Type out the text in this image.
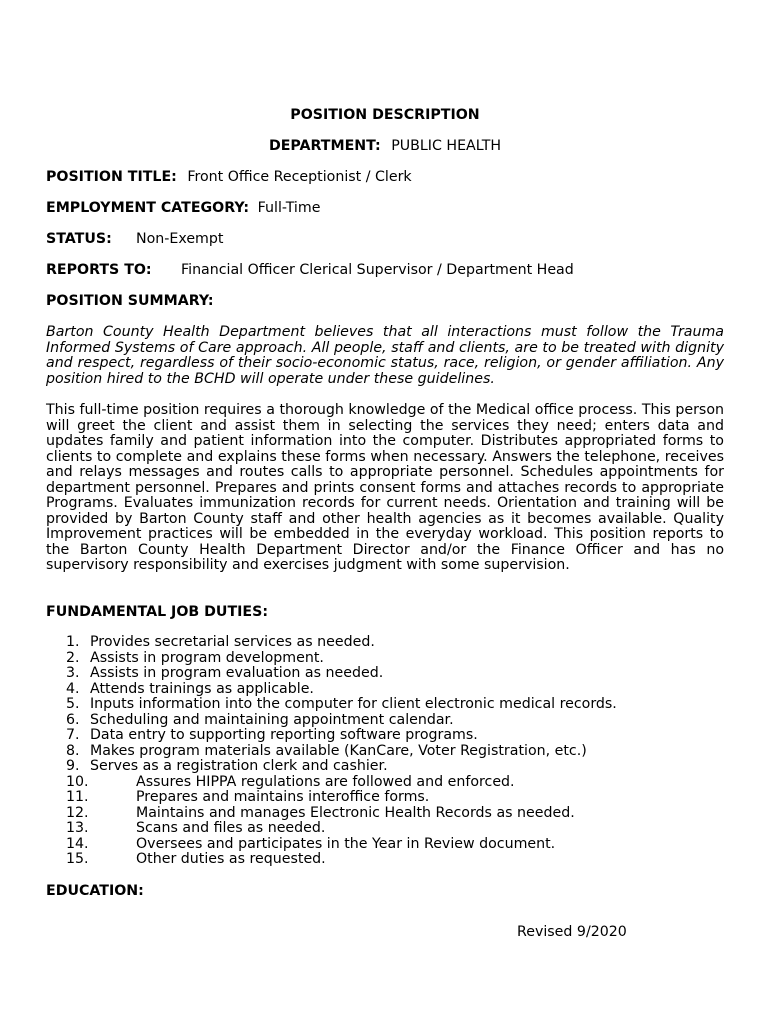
POSITION DESCRIPTION
DEPARTMENT: PUBLIC HEALTH
POSITION TITLE: Front Office Receptionist / Clerk
EMPLOYMENT CATEGORY: Full-Time
STATUS: Non-Exempt
REPORTS TO: Financial Officer Clerical Supervisor / Department Head
POSITION SUMMARY:
Barton County Health Department believes that all interactions must follow the Trauma Informed Systems of Care approach. All people, staff and clients, are to be treated with dignity and respect, regardless of their socio-economic status, race, religion, or gender affiliation. Any position hired to the BCHD will operate under these guidelines.
This full-time position requires a thorough knowledge of the Medical office process. This person will greet the client and assist them in selecting the services they need; enters data and updates family and patient information into the computer. Distributes appropriated forms to clients to complete and explains these forms when necessary. Answers the telephone, receives and relays messages and routes calls to appropriate personnel. Schedules appointments for department personnel. Prepares and prints consent forms and attaches records to appropriate Programs. Evaluates immunization records for current needs. Orientation and training will be provided by Barton County staff and other health agencies as it becomes available. Quality Improvement practices will be embedded in the everyday workload. This position reports to the Barton County Health Department Director and/or the Finance Officer and has no supervisory responsibility and exercises judgment with some supervision.
FUNDAMENTAL JOB DUTIES:
1. Provides secretarial services as needed.
2. Assists in program development.
3. Assists in program evaluation as needed.
4. Attends trainings as applicable.
5. Inputs information into the computer for client electronic medical records.
6. Scheduling and maintaining appointment calendar.
7. Data entry to supporting reporting software programs.
8. Makes program materials available (KanCare, Voter Registration, etc.)
9. Serves as a registration clerk and cashier.
10.	Assures HIPPA regulations are followed and enforced.
11.	Prepares and maintains interoffice forms.
12.	Maintains and manages Electronic Health Records as needed.
13.	Scans and files as needed.
14.	Oversees and participates in the Year in Review document.
15.	Other duties as requested.
EDUCATION:
Revised 9/2020
